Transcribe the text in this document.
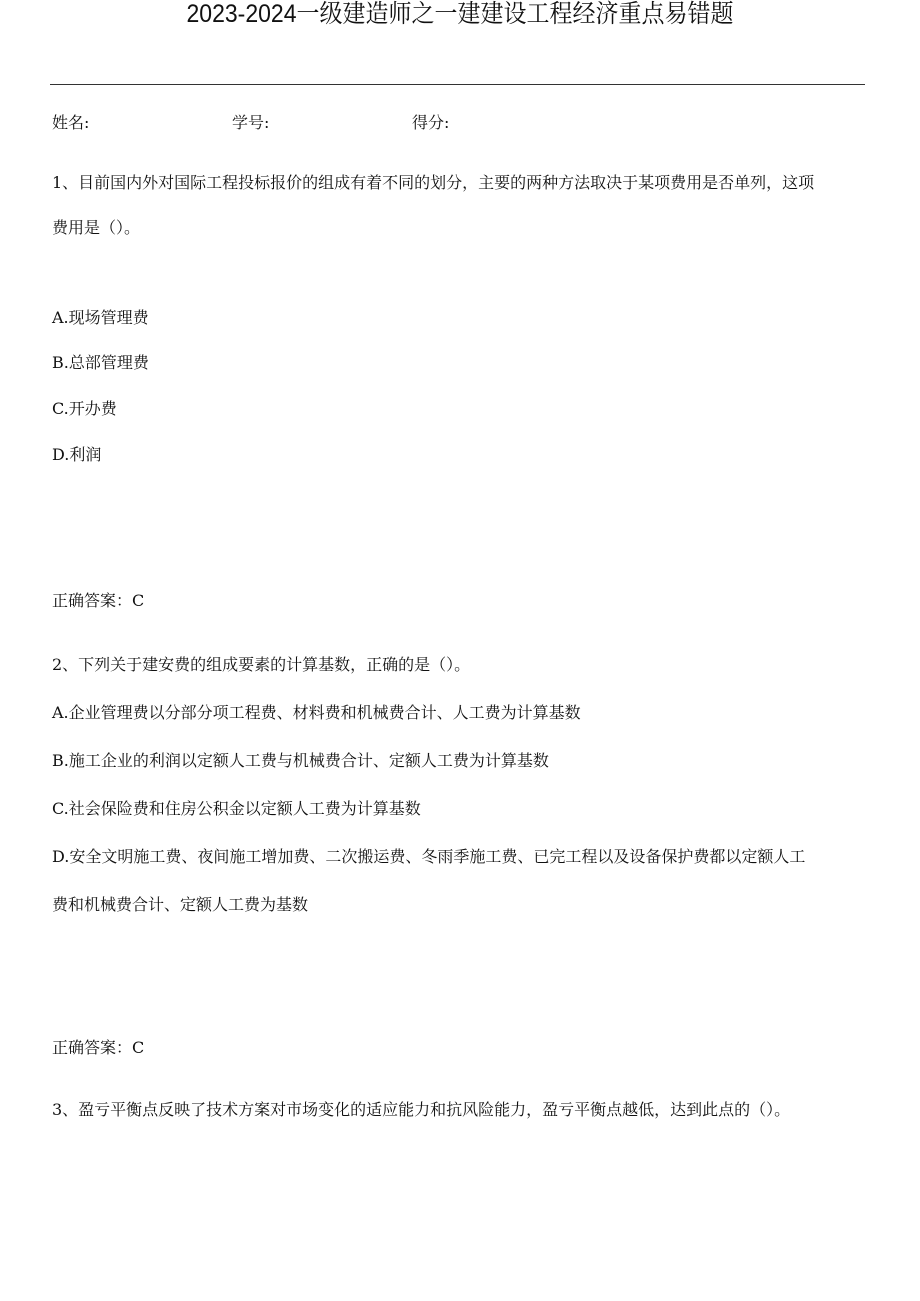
2023-2024一级建造师之一建建设工程经济重点易错题
姓名:	学号:	得分:
1、目前国内外对国际工程投标报价的组成有着不同的划分，主要的两种方法取决于某项费用是否单列，这项
费用是（）。
A.现场管理费
B.总部管理费
C.开办费
D.利润
正确答案：C
2、下列关于建安费的组成要素的计算基数，正确的是（）。
A.企业管理费以分部分项工程费、材料费和机械费合计、人工费为计算基数
B.施工企业的利润以定额人工费与机械费合计、定额人工费为计算基数
C.社会保险费和住房公积金以定额人工费为计算基数
D.安全文明施工费、夜间施工增加费、二次搬运费、冬雨季施工费、已完工程以及设备保护费都以定额人工
费和机械费合计、定额人工费为基数
正确答案：C
3、盈亏平衡点反映了技术方案对市场变化的适应能力和抗风险能力，盈亏平衡点越低，达到此点的（）。
